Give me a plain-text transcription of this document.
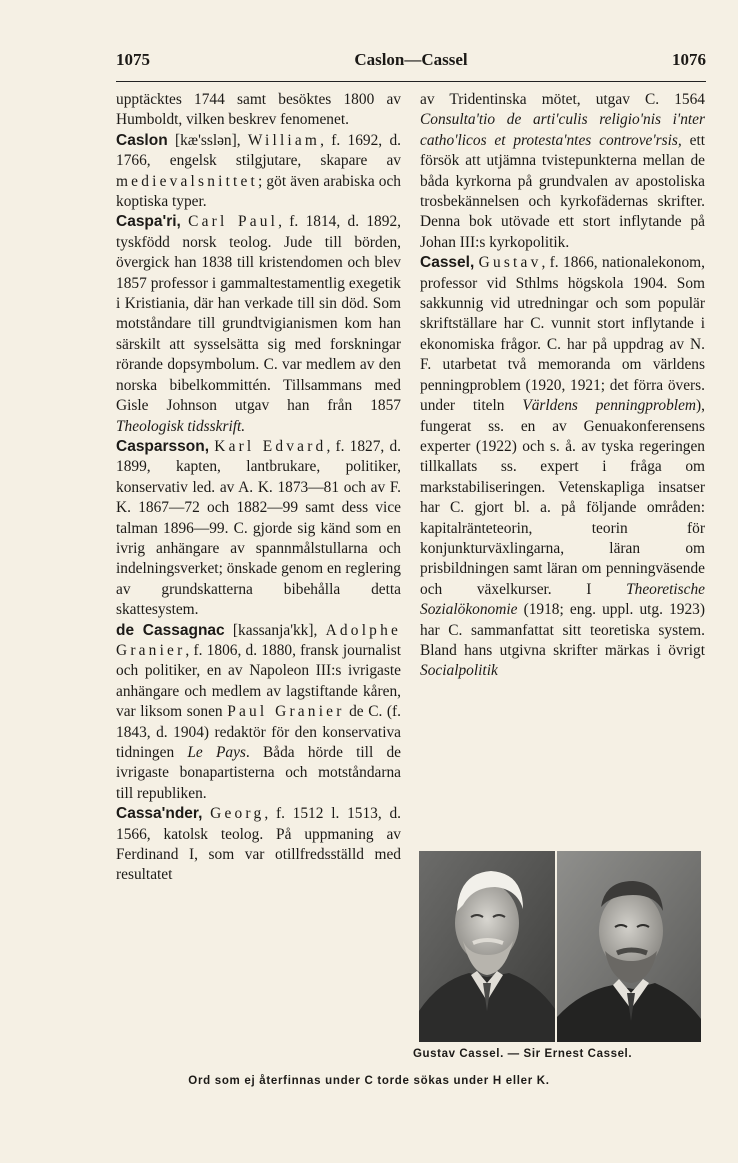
1075	Caslon—Cassel	1076

upptäcktes 1744 samt besöktes 1800 av Humboldt, vilken beskrev fenomenet.

Caslon [kæ'sslən], William, f. 1692, d. 1766, engelsk stilgjutare, skapare av medievalsnittet; göt även arabiska och koptiska typer.

Caspa'ri, Carl Paul, f. 1814, d. 1892, tyskfödd norsk teolog. Jude till börden, övergick han 1838 till kristendomen och blev 1857 professor i gammaltestamentlig exegetik i Kristiania, där han verkade till sin död. Som motståndare till grundtvigianismen kom han särskilt att sysselsätta sig med forskningar rörande dopsymbolum. C. var medlem av den norska bibelkommittén. Tillsammans med Gisle Johnson utgav han från 1857 Theologisk tidsskrift.

Casparsson, Karl Edvard, f. 1827, d. 1899, kapten, lantbrukare, politiker, konservativ led. av A. K. 1873—81 och av F. K. 1867—72 och 1882—99 samt dess vice talman 1896—99. C. gjorde sig känd som en ivrig anhängare av spannmålstullarna och indelningsverket; önskade genom en reglering av grundskatterna bibehålla detta skattesystem.

de Cassagnac [kassanja'kk], Adolphe Granier, f. 1806, d. 1880, fransk journalist och politiker, en av Napoleon III:s ivrigaste anhängare och medlem av lagstiftande kåren, var liksom sonen Paul Granier de C. (f. 1843, d. 1904) redaktör för den konservativa tidningen Le Pays. Båda hörde till de ivrigaste bonapartisterna och motståndarna till republiken.

Cassa'nder, Georg, f. 1512 l. 1513, d. 1566, katolsk teolog. På uppmaning av Ferdinand I, som var otillfredsställd med resultatet

av Tridentinska mötet, utgav C. 1564 Consulta'tio de arti'culis religio'nis i'nter catho'licos et protesta'ntes controve'rsis, ett försök att utjämna tvistepunkterna mellan de båda kyrkorna på grundvalen av apostoliska trosbekännelsen och kyrkofädernas skrifter. Denna bok utövade ett stort inflytande på Johan III:s kyrkopolitik.

Cassel, Gustav, f. 1866, nationalekonom, professor vid Sthlms högskola 1904. Som sakkunnig vid utredningar och som populär skriftställare har C. vunnit stort inflytande i ekonomiska frågor. C. har på uppdrag av N. F. utarbetat två memoranda om världens penningproblem (1920, 1921; det förra övers. under titeln Världens penningproblem), fungerat ss. en av Genuakonferensens experter (1922) och s. å. av tyska regeringen tillkallats ss. expert i fråga om markstabiliseringen. Vetenskapliga insatser har C. gjort bl. a. på följande områden: kapitalränteteorin, teorin för konjunkturväxlingarna, läran om prisbildningen samt läran om penningväsende och växelkurser. I Theoretische Sozialökonomie (1918; eng. uppl. utg. 1923) har C. sammanfattat sitt teoretiska system. Bland hans utgivna skrifter märkas i övrigt Socialpolitik

Gustav Cassel. — Sir Ernest Cassel.
Ord som ej återfinnas under C torde sökas under H eller K.
